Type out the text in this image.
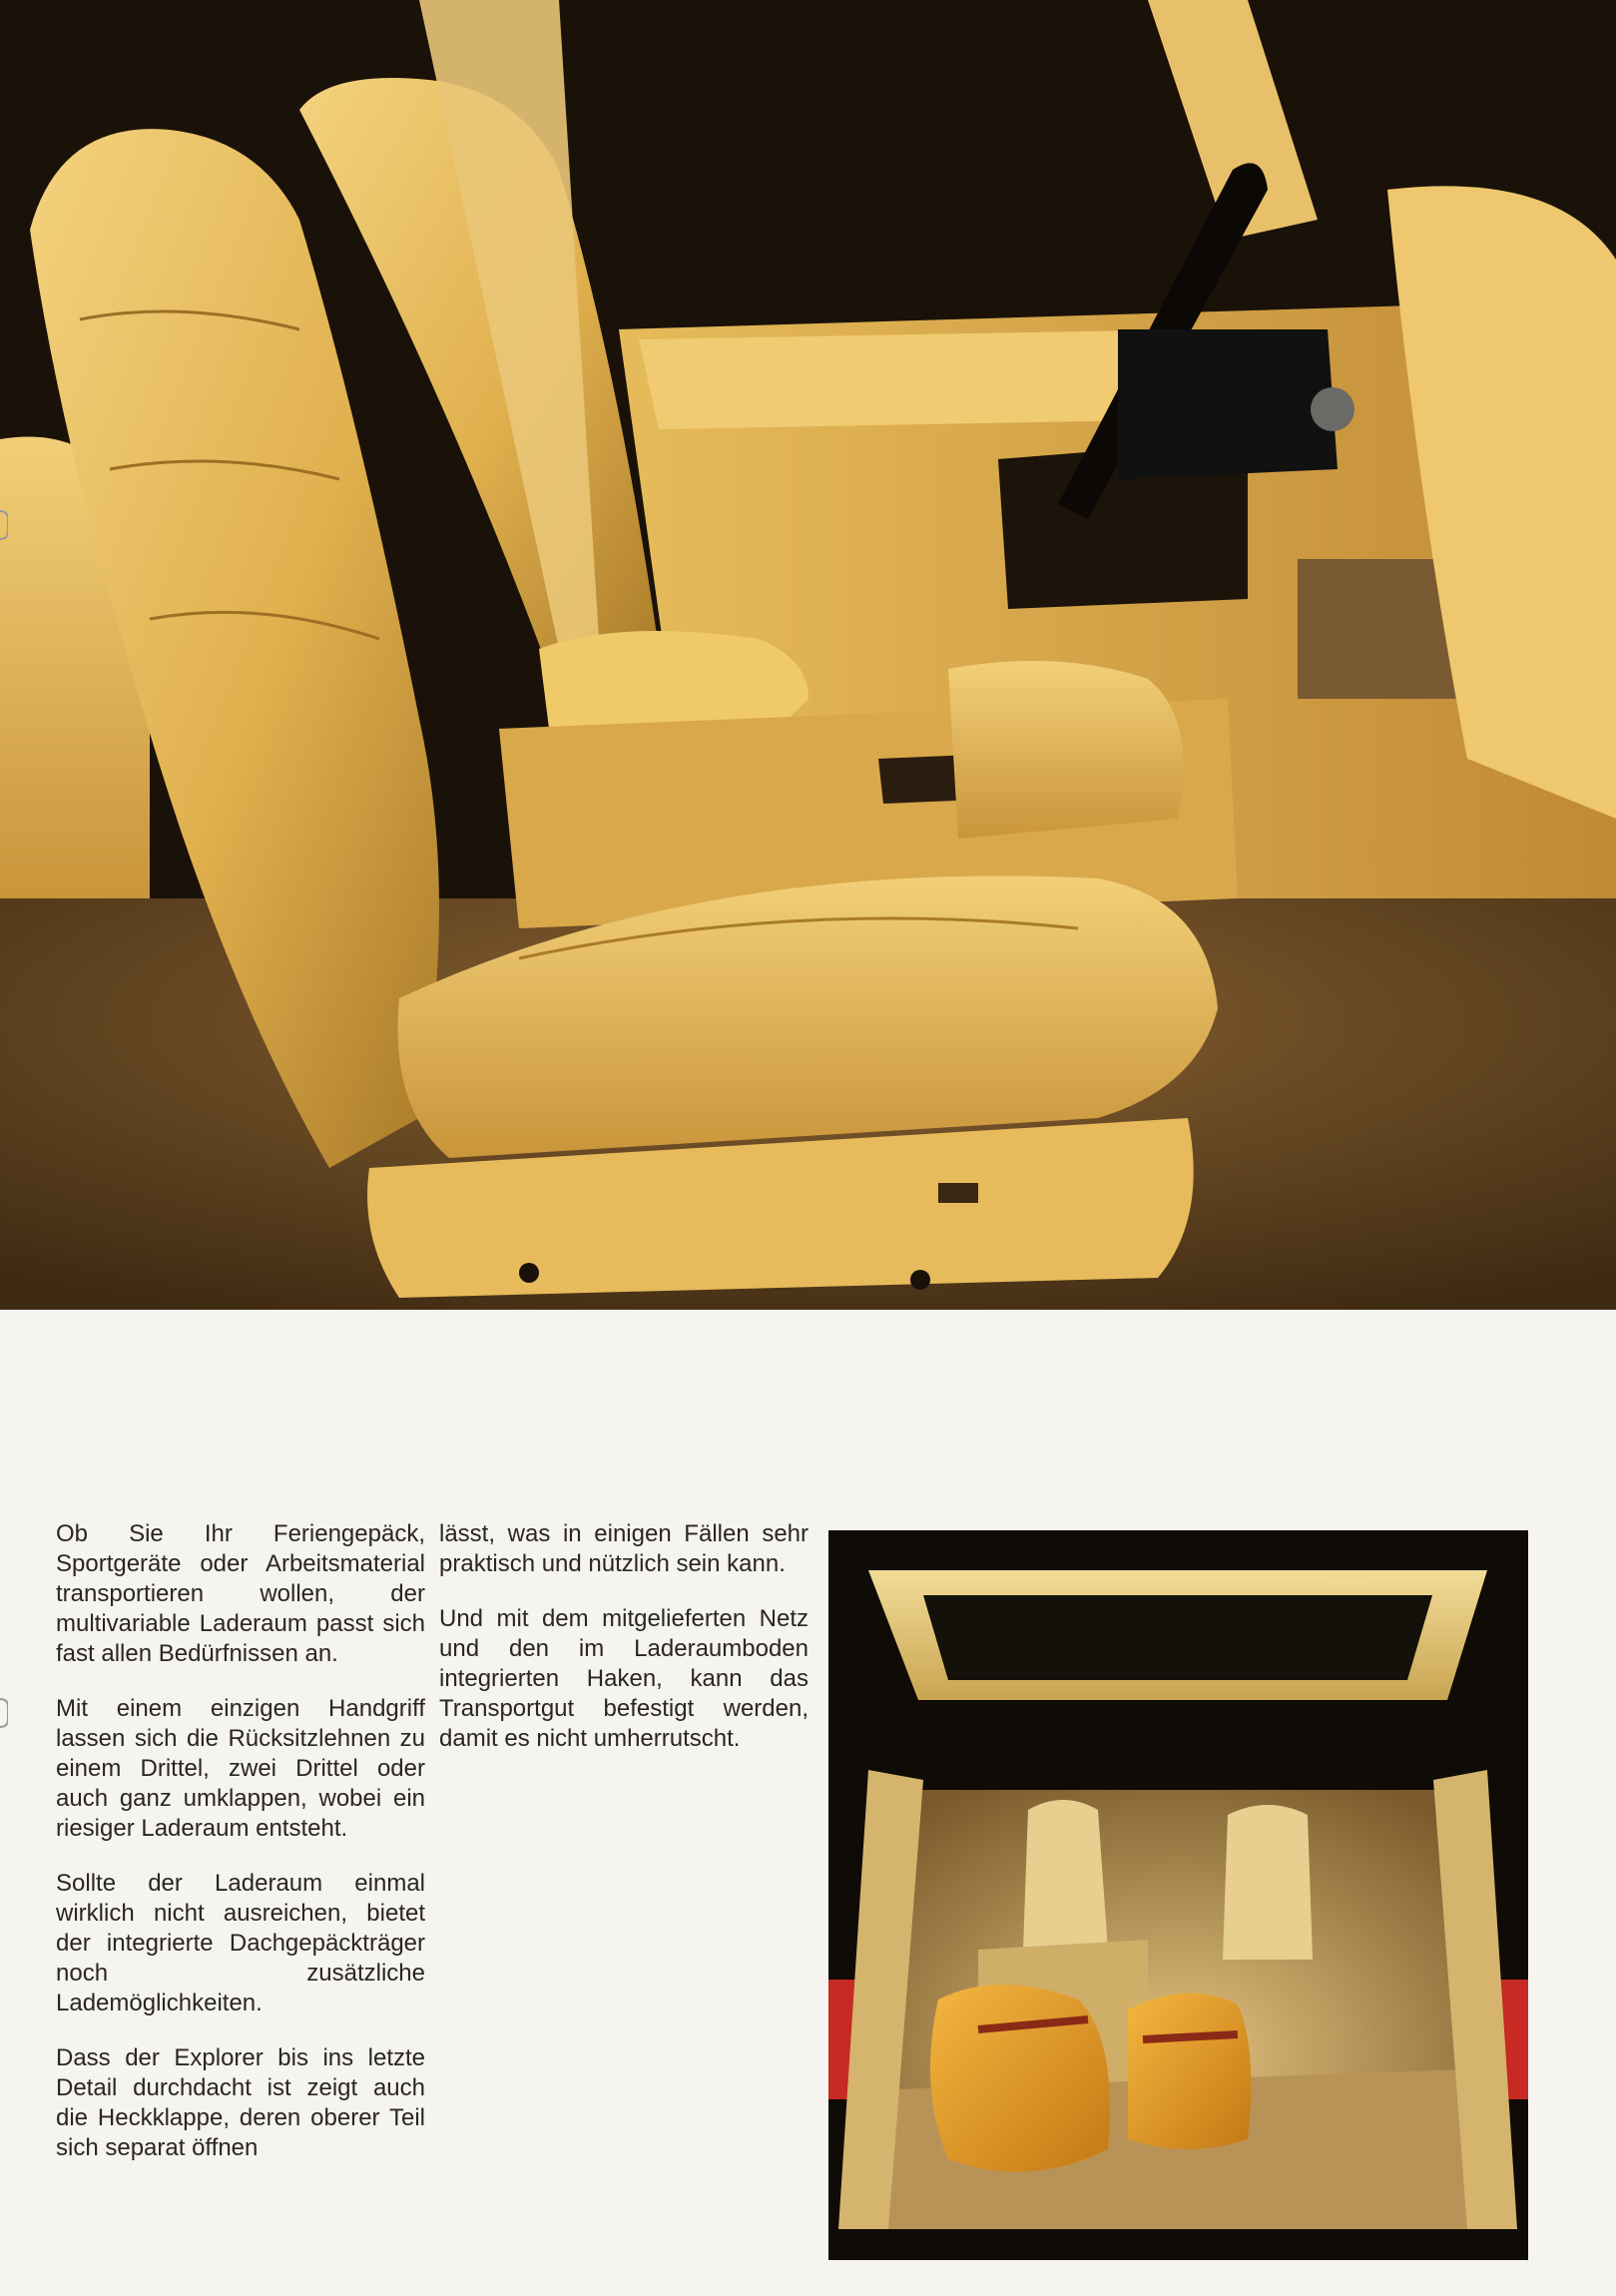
Ob Sie Ihr Feriengepäck, Sportgeräte oder Arbeitsmaterial transportieren wollen, der multivariable Laderaum passt sich fast allen Bedürfnissen an.

Mit einem einzigen Handgriff lassen sich die Rücksitzlehnen zu einem Drittel, zwei Drittel oder auch ganz umklappen, wobei ein riesiger Laderaum entsteht.

Sollte der Laderaum einmal wirklich nicht ausreichen, bietet der integrierte Dachgepäckträger noch zusätzliche Lademöglichkeiten.

Dass der Explorer bis ins letzte Detail durchdacht ist zeigt auch die Heckklappe, deren oberer Teil sich separat öffnen

lässt, was in einigen Fällen sehr praktisch und nützlich sein kann.

Und mit dem mitgelieferten Netz und den im Laderaumboden integrierten Haken, kann das Transportgut befestigt werden, damit es nicht umherrutscht.
